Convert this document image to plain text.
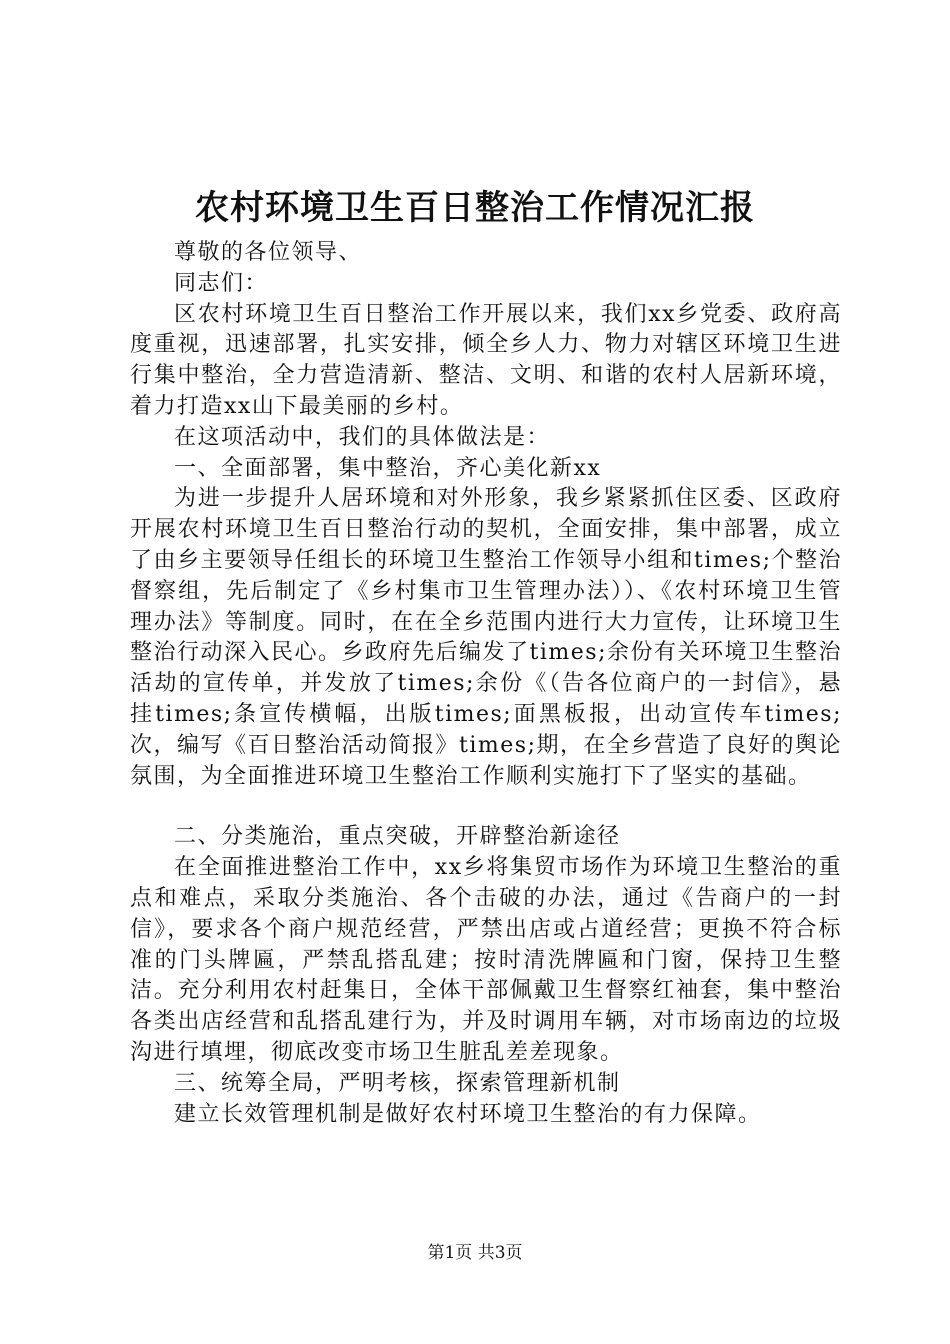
农村环境卫生百日整治工作情况汇报

尊敬的各位领导、

同志们：

区农村环境卫生百日整治工作开展以来，我们xx乡党委、政府高度重视，迅速部署，扎实安排，倾全乡人力、物力对辖区环境卫生进行集中整治，全力营造清新、整洁、文明、和谐的农村人居新环境，着力打造xx山下最美丽的乡村。

在这项活动中，我们的具体做法是：

一、全面部署，集中整治，齐心美化新xx

为进一步提升人居环境和对外形象，我乡紧紧抓住区委、区政府开展农村环境卫生百日整治行动的契机，全面安排，集中部署，成立了由乡主要领导任组长的环境卫生整治工作领导小组和times;个整治督察组，先后制定了《乡村集市卫生管理办法））、《农村环境卫生管理办法》等制度。同时，在在全乡范围内进行大力宣传，让环境卫生整治行动深入民心。乡政府先后编发了times;余份有关环境卫生整治活劫的宣传单，并发放了times;余份《（告各位商户的一封信》，悬挂times;条宣传横幅，出版times;面黑板报，出动宣传车times;次，编写《百日整治活动简报》times;期，在全乡营造了良好的舆论氛围，为全面推进环境卫生整治工作顺利实施打下了坚实的基础。

二、分类施治，重点突破，开辟整治新途径

在全面推进整治工作中，xx乡将集贸市场作为环境卫生整治的重点和难点，采取分类施治、各个击破的办法，通过《告商户的一封信》，要求各个商户规范经营，严禁出店或占道经营；更换不符合标准的门头牌匾，严禁乱搭乱建；按时清洗牌匾和门窗，保持卫生整洁。充分利用农村赶集日，全体干部佩戴卫生督察红袖套，集中整治各类出店经营和乱搭乱建行为，并及时调用车辆，对市场南边的垃圾沟进行填埋，彻底改变市场卫生脏乱差差现象。

三、统筹全局，严明考核，探索管理新机制

建立长效管理机制是做好农村环境卫生整治的有力保障。

第1页 共3页
